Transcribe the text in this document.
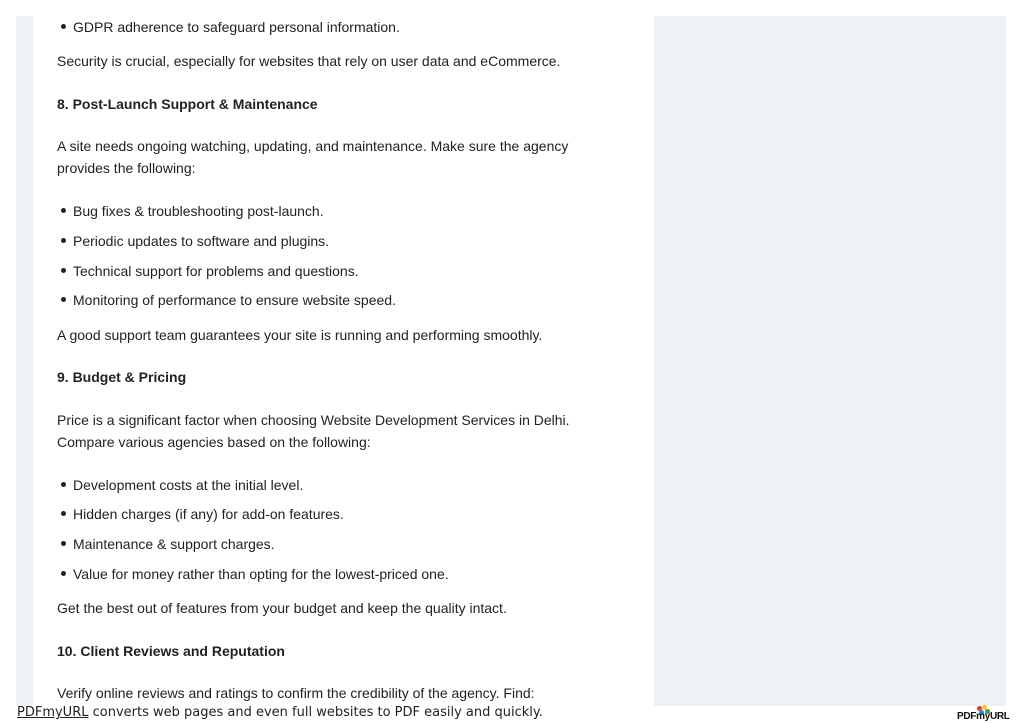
GDPR adherence to safeguard personal information.

Security is crucial, especially for websites that rely on user data and eCommerce.

8. Post-Launch Support & Maintenance

A site needs ongoing watching, updating, and maintenance. Make sure the agency provides the following:

Bug fixes & troubleshooting post-launch.

Periodic updates to software and plugins.

Technical support for problems and questions.

Monitoring of performance to ensure website speed.

A good support team guarantees your site is running and performing smoothly.

9. Budget & Pricing

Price is a significant factor when choosing Website Development Services in Delhi. Compare various agencies based on the following:

Development costs at the initial level.

Hidden charges (if any) for add-on features.

Maintenance & support charges.

Value for money rather than opting for the lowest-priced one.

Get the best out of features from your budget and keep the quality intact.

10. Client Reviews and Reputation

Verify online reviews and ratings to confirm the credibility of the agency. Find:

PDFmyURL converts web pages and even full websites to PDF easily and quickly.	PDFmyURL
